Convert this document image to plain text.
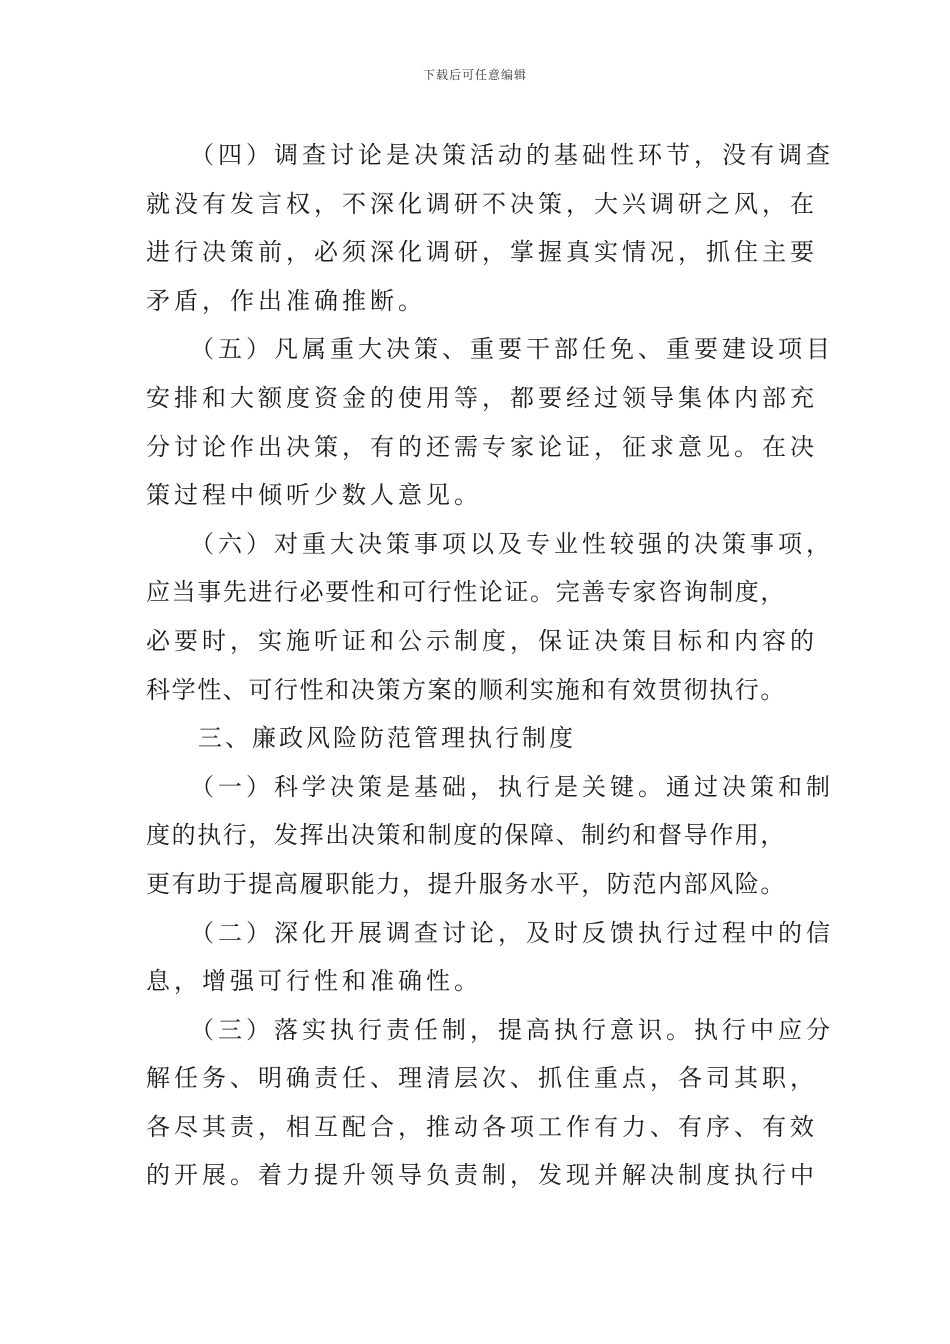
下载后可任意编辑
（四）调查讨论是决策活动的基础性环节，没有调查
就没有发言权，不深化调研不决策，大兴调研之风，在
进行决策前，必须深化调研，掌握真实情况，抓住主要
矛盾，作出准确推断。
（五）凡属重大决策、重要干部任免、重要建设项目
安排和大额度资金的使用等，都要经过领导集体内部充
分讨论作出决策，有的还需专家论证，征求意见。在决
策过程中倾听少数人意见。
（六）对重大决策事项以及专业性较强的决策事项，
应当事先进行必要性和可行性论证。完善专家咨询制度，
必要时，实施听证和公示制度，保证决策目标和内容的
科学性、可行性和决策方案的顺利实施和有效贯彻执行。
三、廉政风险防范管理执行制度
（一）科学决策是基础，执行是关键。通过决策和制
度的执行，发挥出决策和制度的保障、制约和督导作用，
更有助于提高履职能力，提升服务水平，防范内部风险。
（二）深化开展调查讨论，及时反馈执行过程中的信
息，增强可行性和准确性。
（三）落实执行责任制，提高执行意识。执行中应分
解任务、明确责任、理清层次、抓住重点，各司其职，
各尽其责，相互配合，推动各项工作有力、有序、有效
的开展。着力提升领导负责制，发现并解决制度执行中
